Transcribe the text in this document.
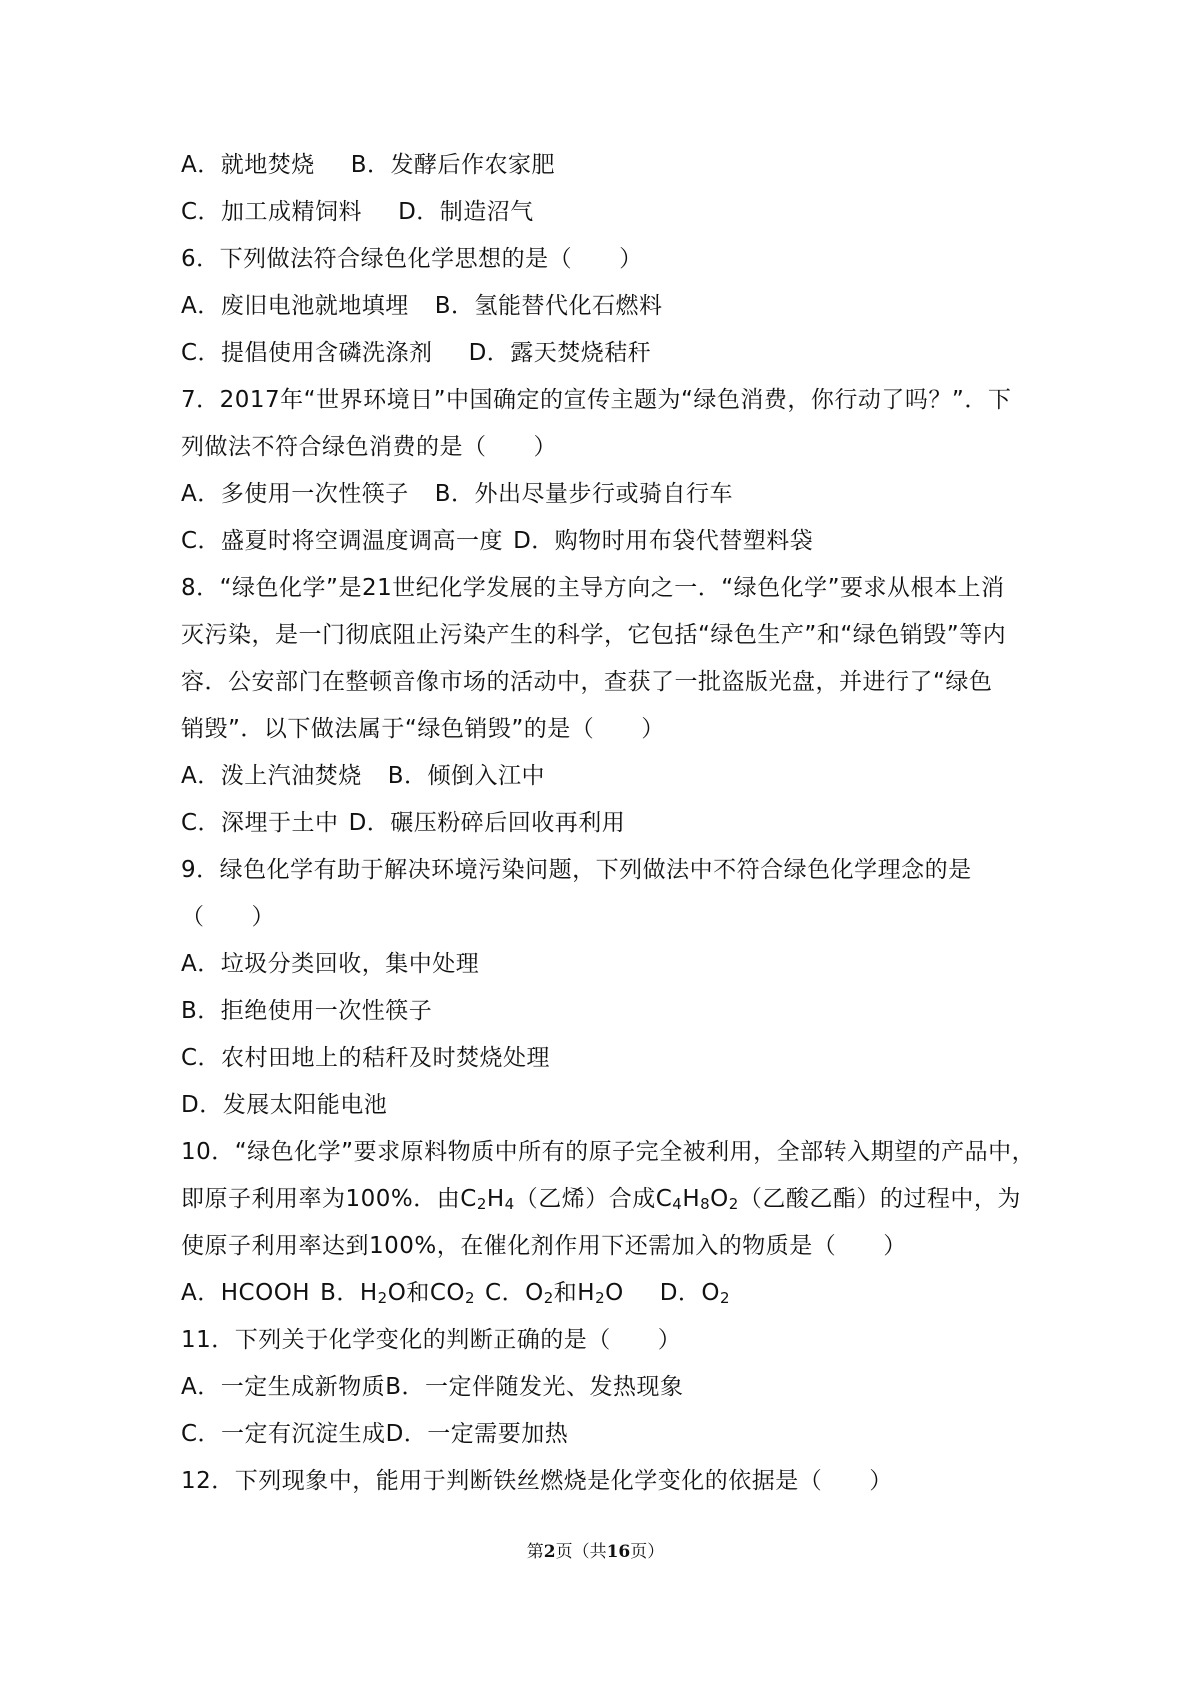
A．就地焚烧 B．发酵后作农家肥
C．加工成精饲料 D．制造沼气
6．下列做法符合绿色化学思想的是（　　）
A．废旧电池就地填埋 B．氢能替代化石燃料
C．提倡使用含磷洗涤剂 D．露天焚烧秸秆
7．2017年“世界环境日”中国确定的宣传主题为“绿色消费，你行动了吗？”．下
列做法不符合绿色消费的是（　　）
A．多使用一次性筷子 B．外出尽量步行或骑自行车
C．盛夏时将空调温度调高一度 D．购物时用布袋代替塑料袋
8．“绿色化学”是21世纪化学发展的主导方向之一．“绿色化学”要求从根本上消
灭污染，是一门彻底阻止污染产生的科学，它包括“绿色生产”和“绿色销毁”等内
容．公安部门在整顿音像市场的活动中，查获了一批盗版光盘，并进行了“绿色
销毁”．以下做法属于“绿色销毁”的是（　　）
A．泼上汽油焚烧 B．倾倒入江中
C．深埋于土中 D．碾压粉碎后回收再利用
9．绿色化学有助于解决环境污染问题，下列做法中不符合绿色化学理念的是
（　　）
A．垃圾分类回收，集中处理
B．拒绝使用一次性筷子
C．农村田地上的秸秆及时焚烧处理
D．发展太阳能电池
10．“绿色化学”要求原料物质中所有的原子完全被利用，全部转入期望的产品中，
即原子利用率为100%．由$C_2H_4$（乙烯）合成$C_4H_8O_2$（乙酸乙酯）的过程中，为
使原子利用率达到100%，在催化剂作用下还需加入的物质是（　　）
A．HCOOH B．$H_2O$和$CO_2$ C．$O_2$和$H_2O$ D．$O_2$
11．下列关于化学变化的判断正确的是（　　）
A．一定生成新物质B．一定伴随发光、发热现象
C．一定有沉淀生成D．一定需要加热
12．下列现象中，能用于判断铁丝燃烧是化学变化的依据是（　　）
第2页（共16页）
